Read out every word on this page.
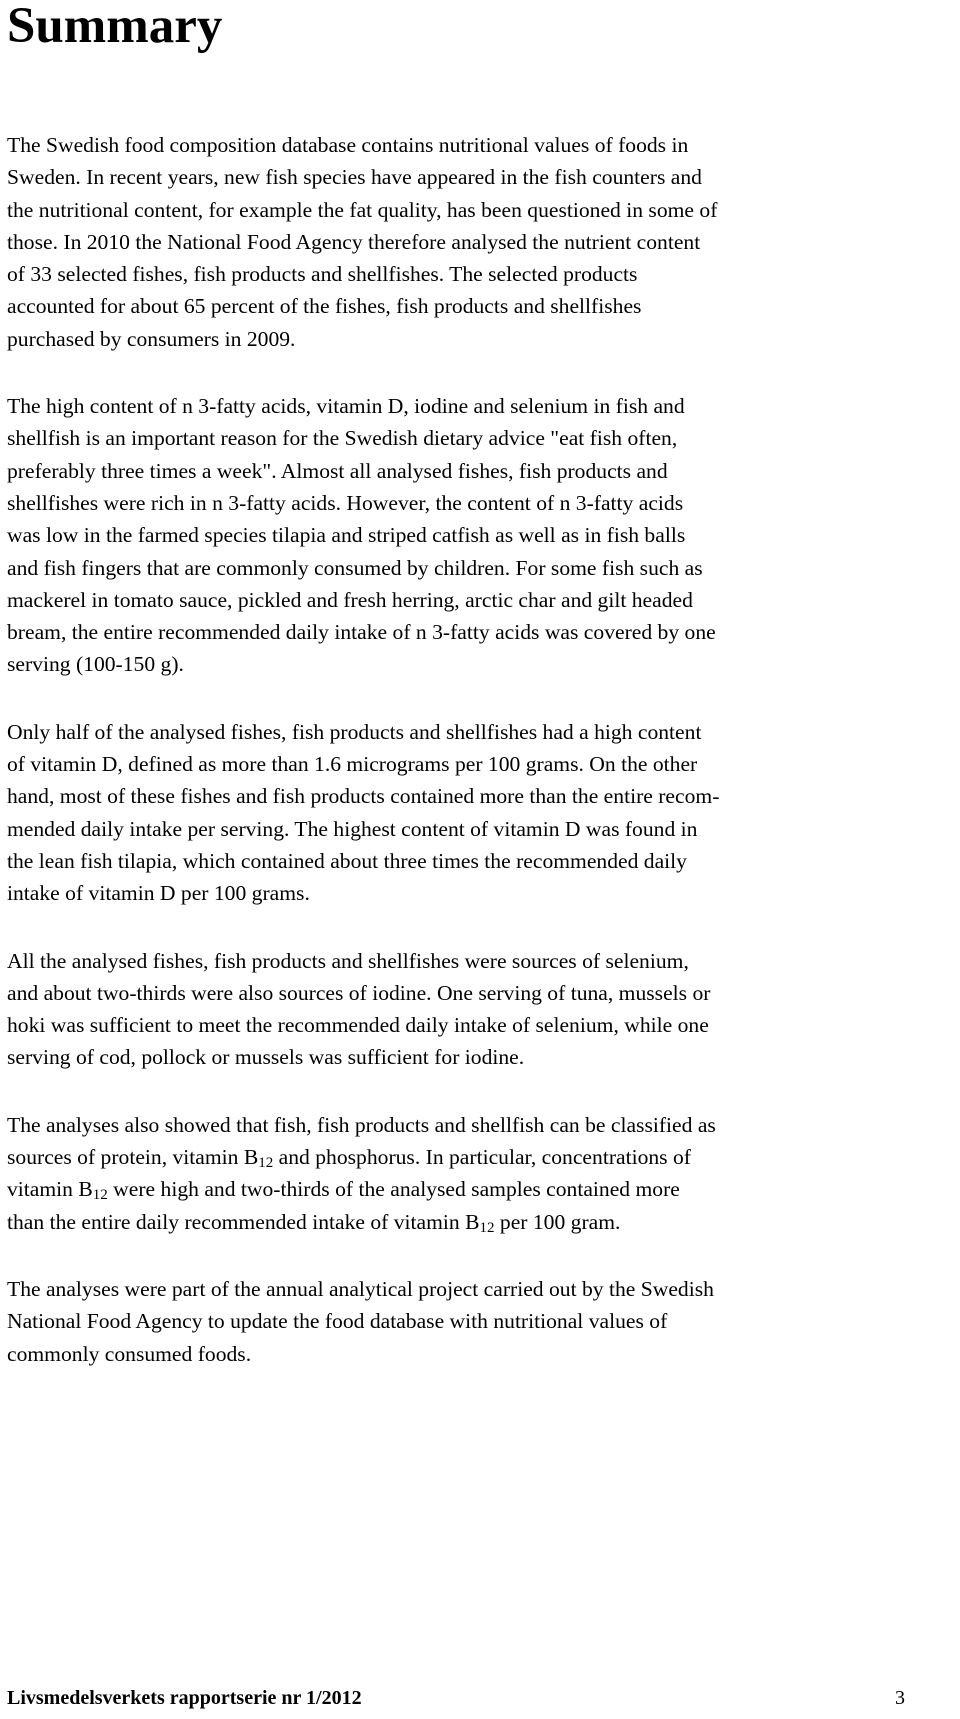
Summary

The Swedish food composition database contains nutritional values of foods in
Sweden. In recent years, new fish species have appeared in the fish counters and
the nutritional content, for example the fat quality, has been questioned in some of
those. In 2010 the National Food Agency therefore analysed the nutrient content
of 33 selected fishes, fish products and shellfishes. The selected products
accounted for about 65 percent of the fishes, fish products and shellfishes
purchased by consumers in 2009.

The high content of n 3-fatty acids, vitamin D, iodine and selenium in fish and
shellfish is an important reason for the Swedish dietary advice "eat fish often,
preferably three times a week". Almost all analysed fishes, fish products and
shellfishes were rich in n 3-fatty acids. However, the content of n 3-fatty acids
was low in the farmed species tilapia and striped catfish as well as in fish balls
and fish fingers that are commonly consumed by children. For some fish such as
mackerel in tomato sauce, pickled and fresh herring, arctic char and gilt headed
bream, the entire recommended daily intake of n 3-fatty acids was covered by one
serving (100-150 g).

Only half of the analysed fishes, fish products and shellfishes had a high content
of vitamin D, defined as more than 1.6 micrograms per 100 grams. On the other
hand, most of these fishes and fish products contained more than the entire recom-
mended daily intake per serving. The highest content of vitamin D was found in
the lean fish tilapia, which contained about three times the recommended daily
intake of vitamin D per 100 grams.

All the analysed fishes, fish products and shellfishes were sources of selenium,
and about two-thirds were also sources of iodine. One serving of tuna, mussels or
hoki was sufficient to meet the recommended daily intake of selenium, while one
serving of cod, pollock or mussels was sufficient for iodine.

The analyses also showed that fish, fish products and shellfish can be classified as
sources of protein, vitamin $B_{12}$ and phosphorus. In particular, concentrations of
vitamin $B_{12}$ were high and two-thirds of the analysed samples contained more
than the entire daily recommended intake of vitamin $B_{12}$ per 100 gram.

The analyses were part of the annual analytical project carried out by the Swedish
National Food Agency to update the food database with nutritional values of
commonly consumed foods.

Livsmedelsverkets rapportserie nr 1/2012	3
